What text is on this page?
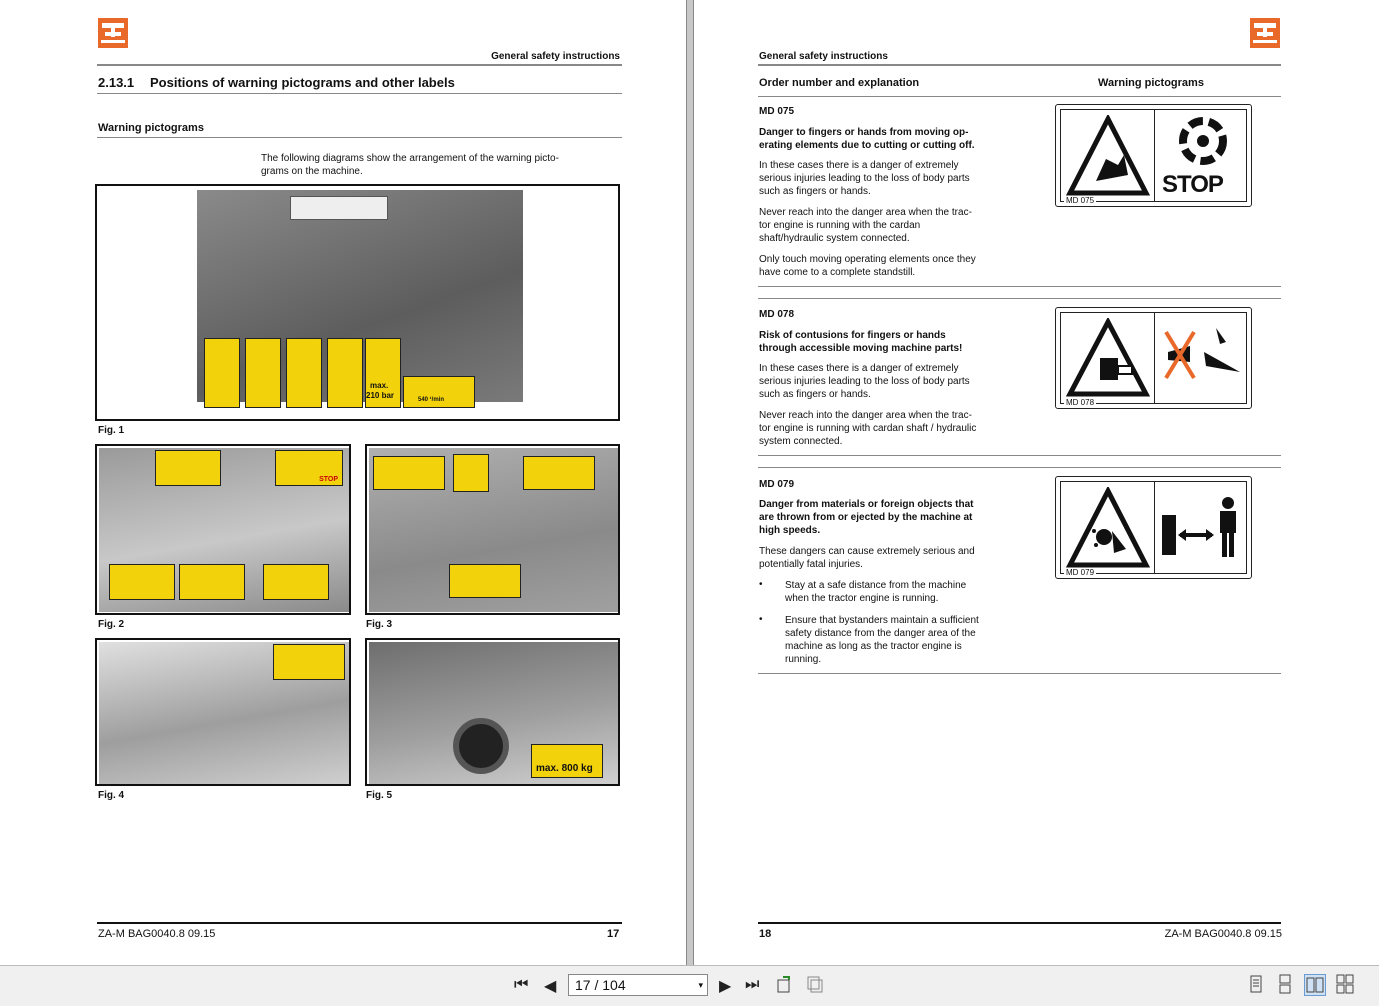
General safety instructions
2.13.1 Positions of warning pictograms and other labels
Warning pictograms
The following diagrams show the arrangement of the warning picto-
grams on the machine.
max.
210 bar	540 ¹/min
Fig. 1
STOP
Fig. 2	Fig. 3
Fig. 4
max. 800 kg
Fig. 5
ZA-M BAG0040.8 09.15	17
General safety instructions
Order number and explanation	Warning pictograms
MD 075
Danger to fingers or hands from moving op-
erating elements due to cutting or cutting off.
In these cases there is a danger of extremely
serious injuries leading to the loss of body parts
such as fingers or hands.
Never reach into the danger area when the trac-
tor engine is running with the cardan
shaft/hydraulic system connected.
Only touch moving operating elements once they
have come to a complete standstill.
STOP
MD 075
MD 078
Risk of contusions for fingers or hands
through accessible moving machine parts!
In these cases there is a danger of extremely
serious injuries leading to the loss of body parts
such as fingers or hands.
Never reach into the danger area when the trac-
tor engine is running with cardan shaft / hydraulic
system connected.
MD 078
MD 079
Danger from materials or foreign objects that
are thrown from or ejected by the machine at
high speeds.
These dangers can cause extremely serious and
potentially fatal injuries.
• Stay at a safe distance from the machine
when the tractor engine is running.
• Ensure that bystanders maintain a sufficient
safety distance from the danger area of the
machine as long as the tractor engine is
running.
MD 079
18	ZA-M BAG0040.8 09.15
⏮ ◀	17 / 104	▾ ▶ ⏭
